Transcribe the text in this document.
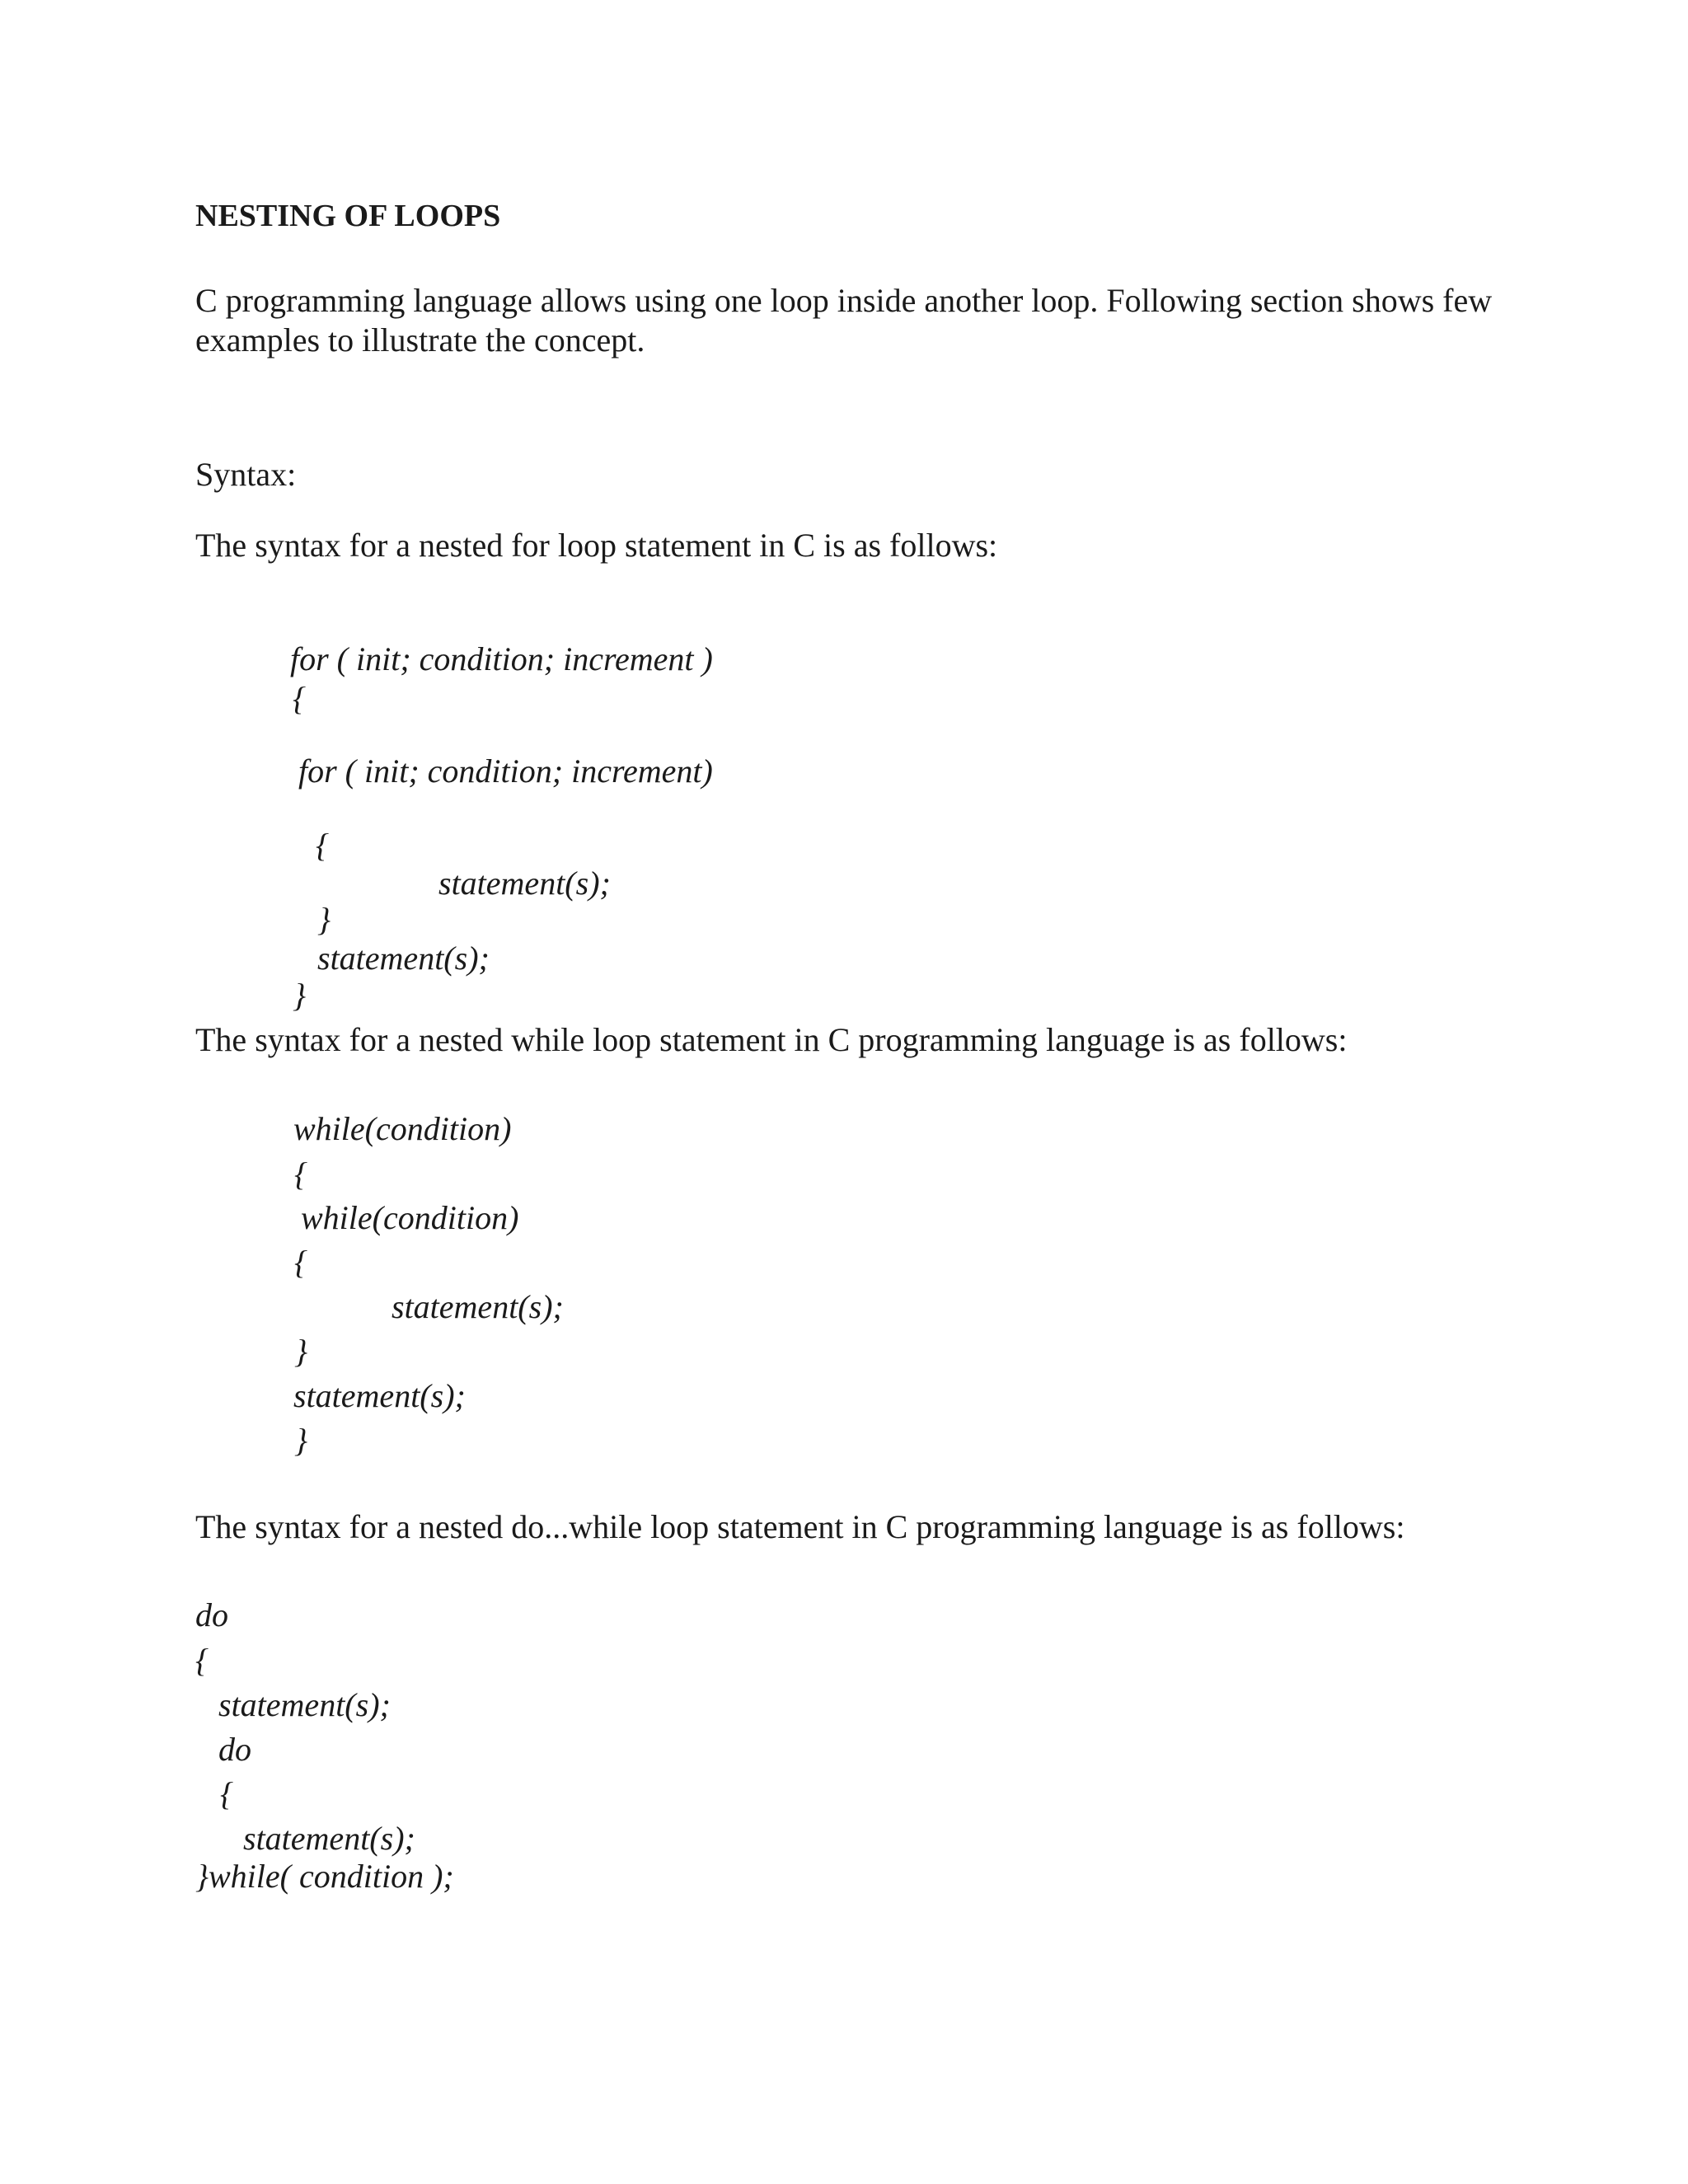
NESTING OF LOOPS
C programming language allows using one loop inside another loop. Following section shows few
examples to illustrate the concept.
Syntax:
The syntax for a nested for loop statement in C is as follows:
for ( init; condition; increment )
{
for ( init; condition; increment)
{
statement(s);
}
statement(s);
}
The syntax for a nested while loop statement in C programming language is as follows:
while(condition)
{
while(condition)
{
statement(s);
}
statement(s);
}
The syntax for a nested do...while loop statement in C programming language is as follows:
do
{
statement(s);
do
{
statement(s);
}while( condition );
